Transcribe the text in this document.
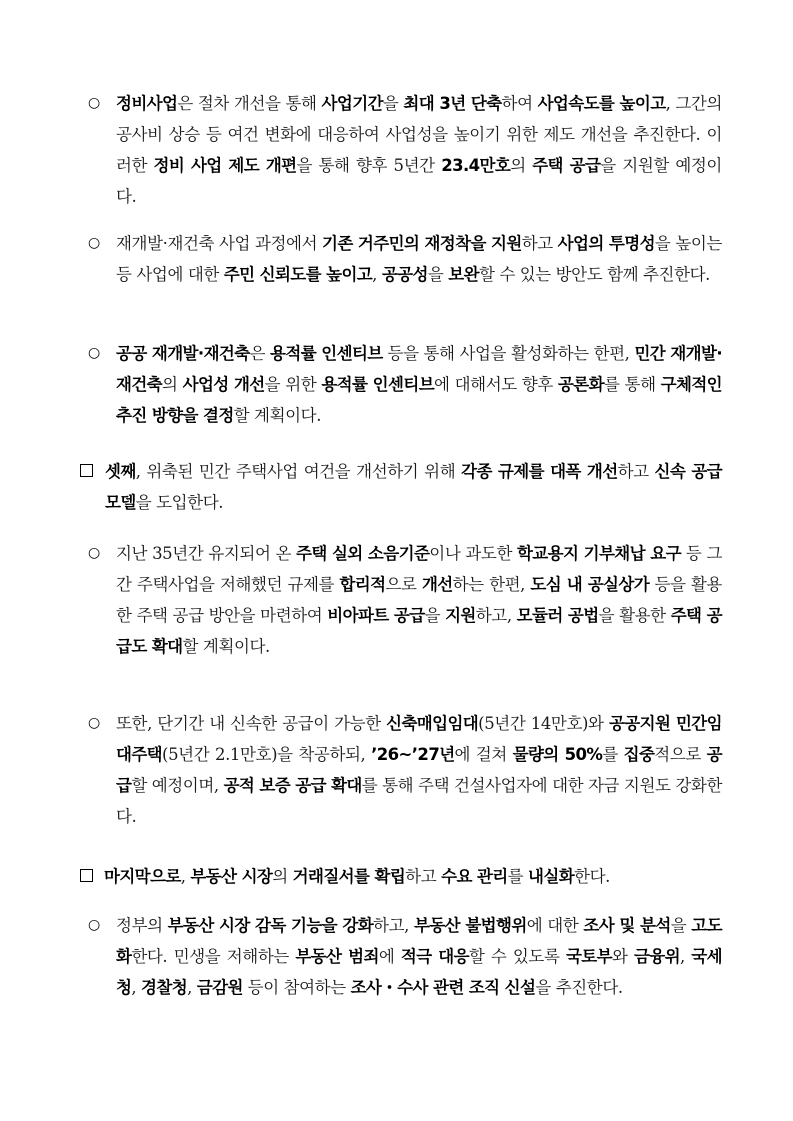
○ 정비사업은 절차 개선을 통해 사업기간을 최대 3년 단축하여 사업속도를 높이고, 그간의 공사비 상승 등 여건 변화에 대응하여 사업성을 높이기 위한 제도 개선을 추진한다. 이러한 정비 사업 제도 개편을 통해 향후 5년간 23.4만호의 주택 공급을 지원할 예정이다.

○ 재개발·재건축 사업 과정에서 기존 거주민의 재정착을 지원하고 사업의 투명성을 높이는 등 사업에 대한 주민 신뢰도를 높이고, 공공성을 보완할 수 있는 방안도 함께 추진한다.

○ 공공 재개발·재건축은 용적률 인센티브 등을 통해 사업을 활성화하는 한편, 민간 재개발·재건축의 사업성 개선을 위한 용적률 인센티브에 대해서도 향후 공론화를 통해 구체적인 추진 방향을 결정할 계획이다.

셋째, 위축된 민간 주택사업 여건을 개선하기 위해 각종 규제를 대폭 개선하고 신속 공급모델을 도입한다.

○ 지난 35년간 유지되어 온 주택 실외 소음기준이나 과도한 학교용지 기부채납 요구 등 그간 주택사업을 저해했던 규제를 합리적으로 개선하는 한편, 도심 내 공실상가 등을 활용한 주택 공급 방안을 마련하여 비아파트 공급을 지원하고, 모듈러 공법을 활용한 주택 공급도 확대할 계획이다.

○ 또한, 단기간 내 신속한 공급이 가능한 신축매입임대(5년간 14만호)와 공공지원 민간임대주택(5년간 2.1만호)을 착공하되, ’26~’27년에 걸쳐 물량의 50%를 집중적으로 공급할 예정이며, 공적 보증 공급 확대를 통해 주택 건설사업자에 대한 자금 지원도 강화한다.

마지막으로, 부동산 시장의 거래질서를 확립하고 수요 관리를 내실화한다.

○ 정부의 부동산 시장 감독 기능을 강화하고, 부동산 불법행위에 대한 조사 및 분석을 고도화한다. 민생을 저해하는 부동산 범죄에 적극 대응할 수 있도록 국토부와 금융위, 국세청, 경찰청, 금감원 등이 참여하는 조사・수사 관련 조직 신설을 추진한다.
